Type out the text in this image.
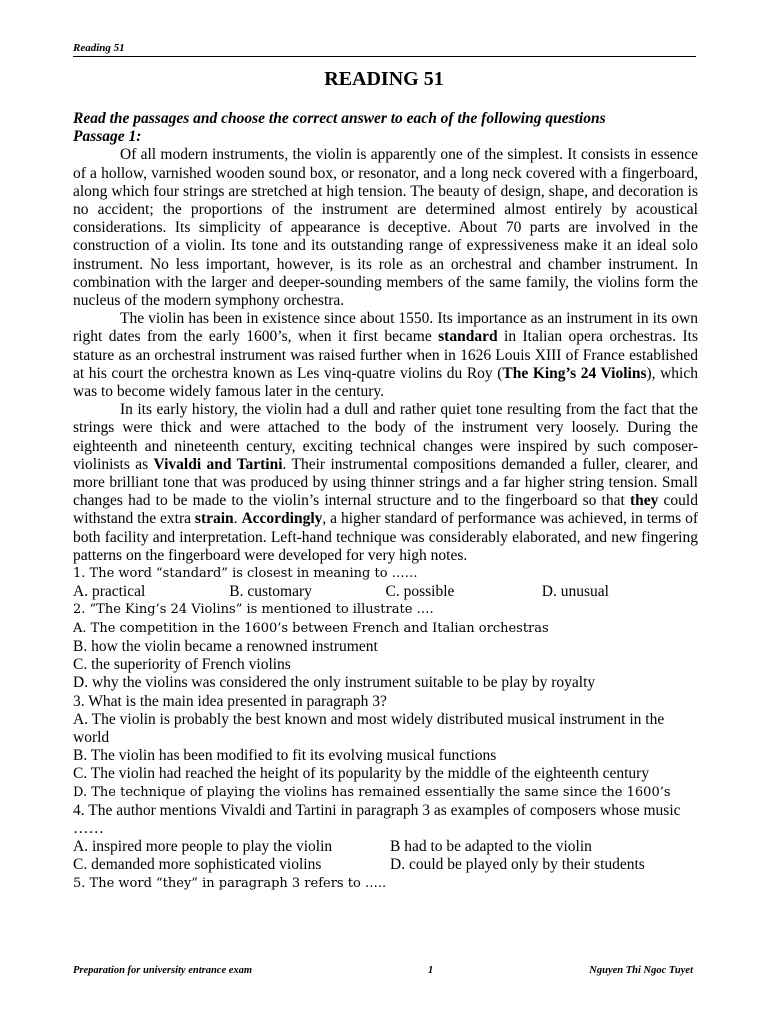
Reading 51
READING 51
Read the passages and choose the correct answer to each of the following questions
Passage 1:

Of all modern instruments, the violin is apparently one of the simplest. It consists in essence of a hollow, varnished wooden sound box, or resonator, and a long neck covered with a fingerboard, along which four strings are stretched at high tension. The beauty of design, shape, and decoration is no accident; the proportions of the instrument are determined almost entirely by acoustical considerations. Its simplicity of appearance is deceptive. About 70 parts are involved in the construction of a violin. Its tone and its outstanding range of expressiveness make it an ideal solo instrument. No less important, however, is its role as an orchestral and chamber instrument. In combination with the larger and deeper-sounding members of the same family, the violins form the nucleus of the modern symphony orchestra.

The violin has been in existence since about 1550. Its importance as an instrument in its own right dates from the early 1600’s, when it first became standard in Italian opera orchestras. Its stature as an orchestral instrument was raised further when in 1626 Louis XIII of France established at his court the orchestra known as Les vinq-quatre violins du Roy (The King’s 24 Violins), which was to become widely famous later in the century.

In its early history, the violin had a dull and rather quiet tone resulting from the fact that the strings were thick and were attached to the body of the instrument very loosely. During the eighteenth and nineteenth century, exciting technical changes were inspired by such composer-violinists as Vivaldi and Tartini. Their instrumental compositions demanded a fuller, clearer, and more brilliant tone that was produced by using thinner strings and a far higher string tension. Small changes had to be made to the violin’s internal structure and to the fingerboard so that they could withstand the extra strain. Accordingly, a higher standard of performance was achieved, in terms of both facility and interpretation. Left-hand technique was considerably elaborated, and new fingering patterns on the fingerboard were developed for very high notes.

1. The word “standard” is closest in meaning to ……
A. practical	B. customary	C. possible	D. unusual
2. “The King’s 24 Violins” is mentioned to illustrate ….
A. The competition in the 1600’s between French and Italian orchestras
B. how the violin became a renowned instrument
C. the superiority of French violins
D. why the violins was considered the only instrument suitable to be play by royalty
3. What is the main idea presented in paragraph 3?
A. The violin is probably the best known and most widely distributed musical instrument in the world
B. The violin has been modified to fit its evolving musical functions
C. The violin had reached the height of its popularity by the middle of the eighteenth century
D. The technique of playing the violins has remained essentially the same since the 1600’s
4. The author mentions Vivaldi and Tartini in paragraph 3 as examples of composers whose music ……
A. inspired more people to play the violin	B had to be adapted to the violin
C. demanded more sophisticated violins	D. could be played only by their students
5. The word “they” in paragraph 3 refers to …..
Preparation for university entrance exam	1	Nguyen Thi Ngoc Tuyet
